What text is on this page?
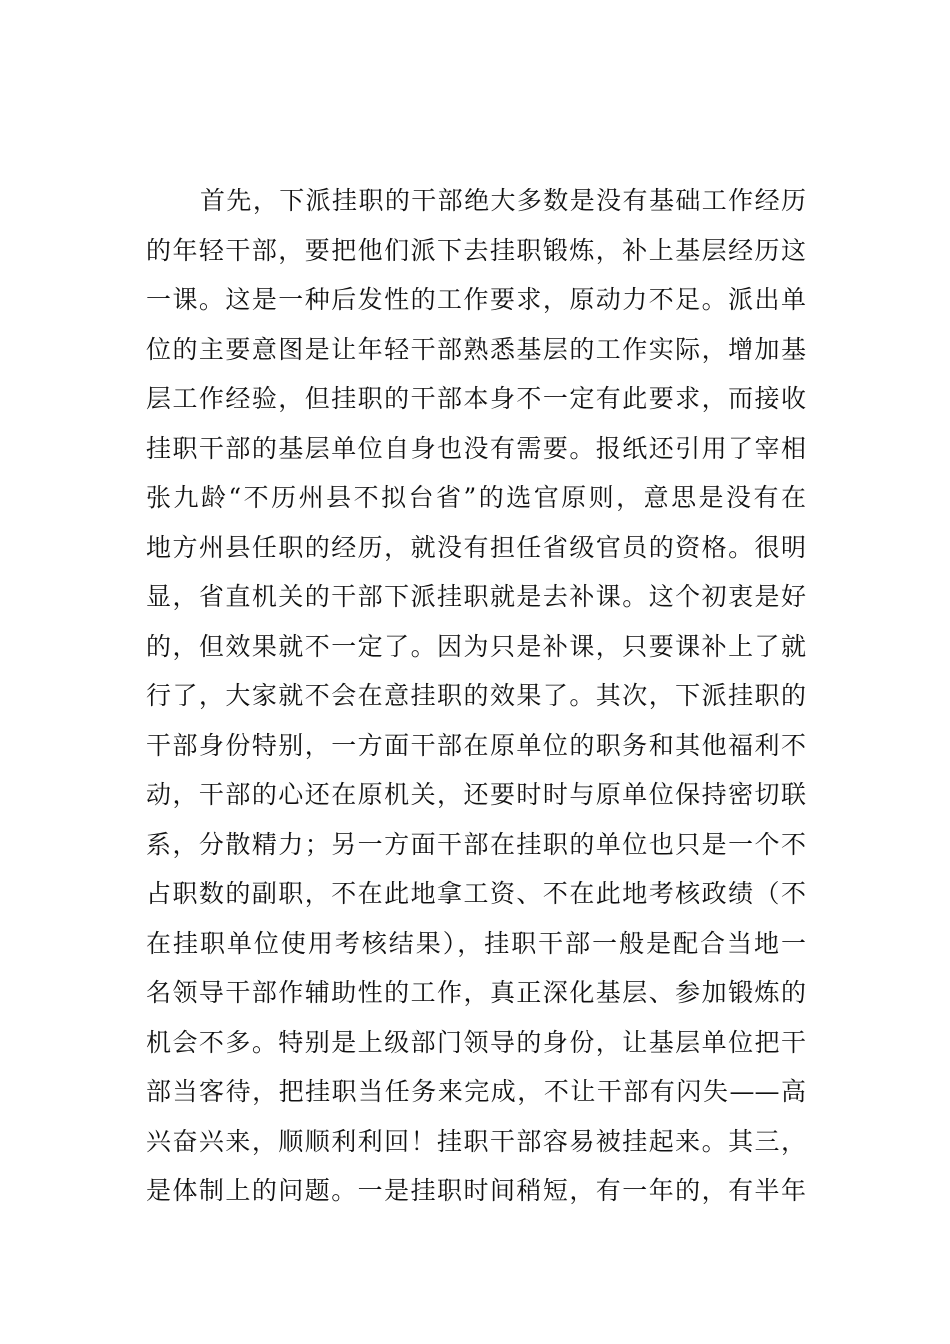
首先，下派挂职的干部绝大多数是没有基础工作经历
的年轻干部，要把他们派下去挂职锻炼，补上基层经历这
一课。这是一种后发性的工作要求，原动力不足。派出单
位的主要意图是让年轻干部熟悉基层的工作实际，增加基
层工作经验，但挂职的干部本身不一定有此要求，而接收
挂职干部的基层单位自身也没有需要。报纸还引用了宰相
张九龄“不历州县不拟台省”的选官原则，意思是没有在
地方州县任职的经历，就没有担任省级官员的资格。很明
显，省直机关的干部下派挂职就是去补课。这个初衷是好
的，但效果就不一定了。因为只是补课，只要课补上了就
行了，大家就不会在意挂职的效果了。其次，下派挂职的
干部身份特别，一方面干部在原单位的职务和其他福利不
动，干部的心还在原机关，还要时时与原单位保持密切联
系，分散精力；另一方面干部在挂职的单位也只是一个不
占职数的副职，不在此地拿工资、不在此地考核政绩（不
在挂职单位使用考核结果），挂职干部一般是配合当地一
名领导干部作辅助性的工作，真正深化基层、参加锻炼的
机会不多。特别是上级部门领导的身份，让基层单位把干
部当客待，把挂职当任务来完成，不让干部有闪失——高
兴奋兴来，顺顺利利回！挂职干部容易被挂起来。其三，
是体制上的问题。一是挂职时间稍短，有一年的，有半年
